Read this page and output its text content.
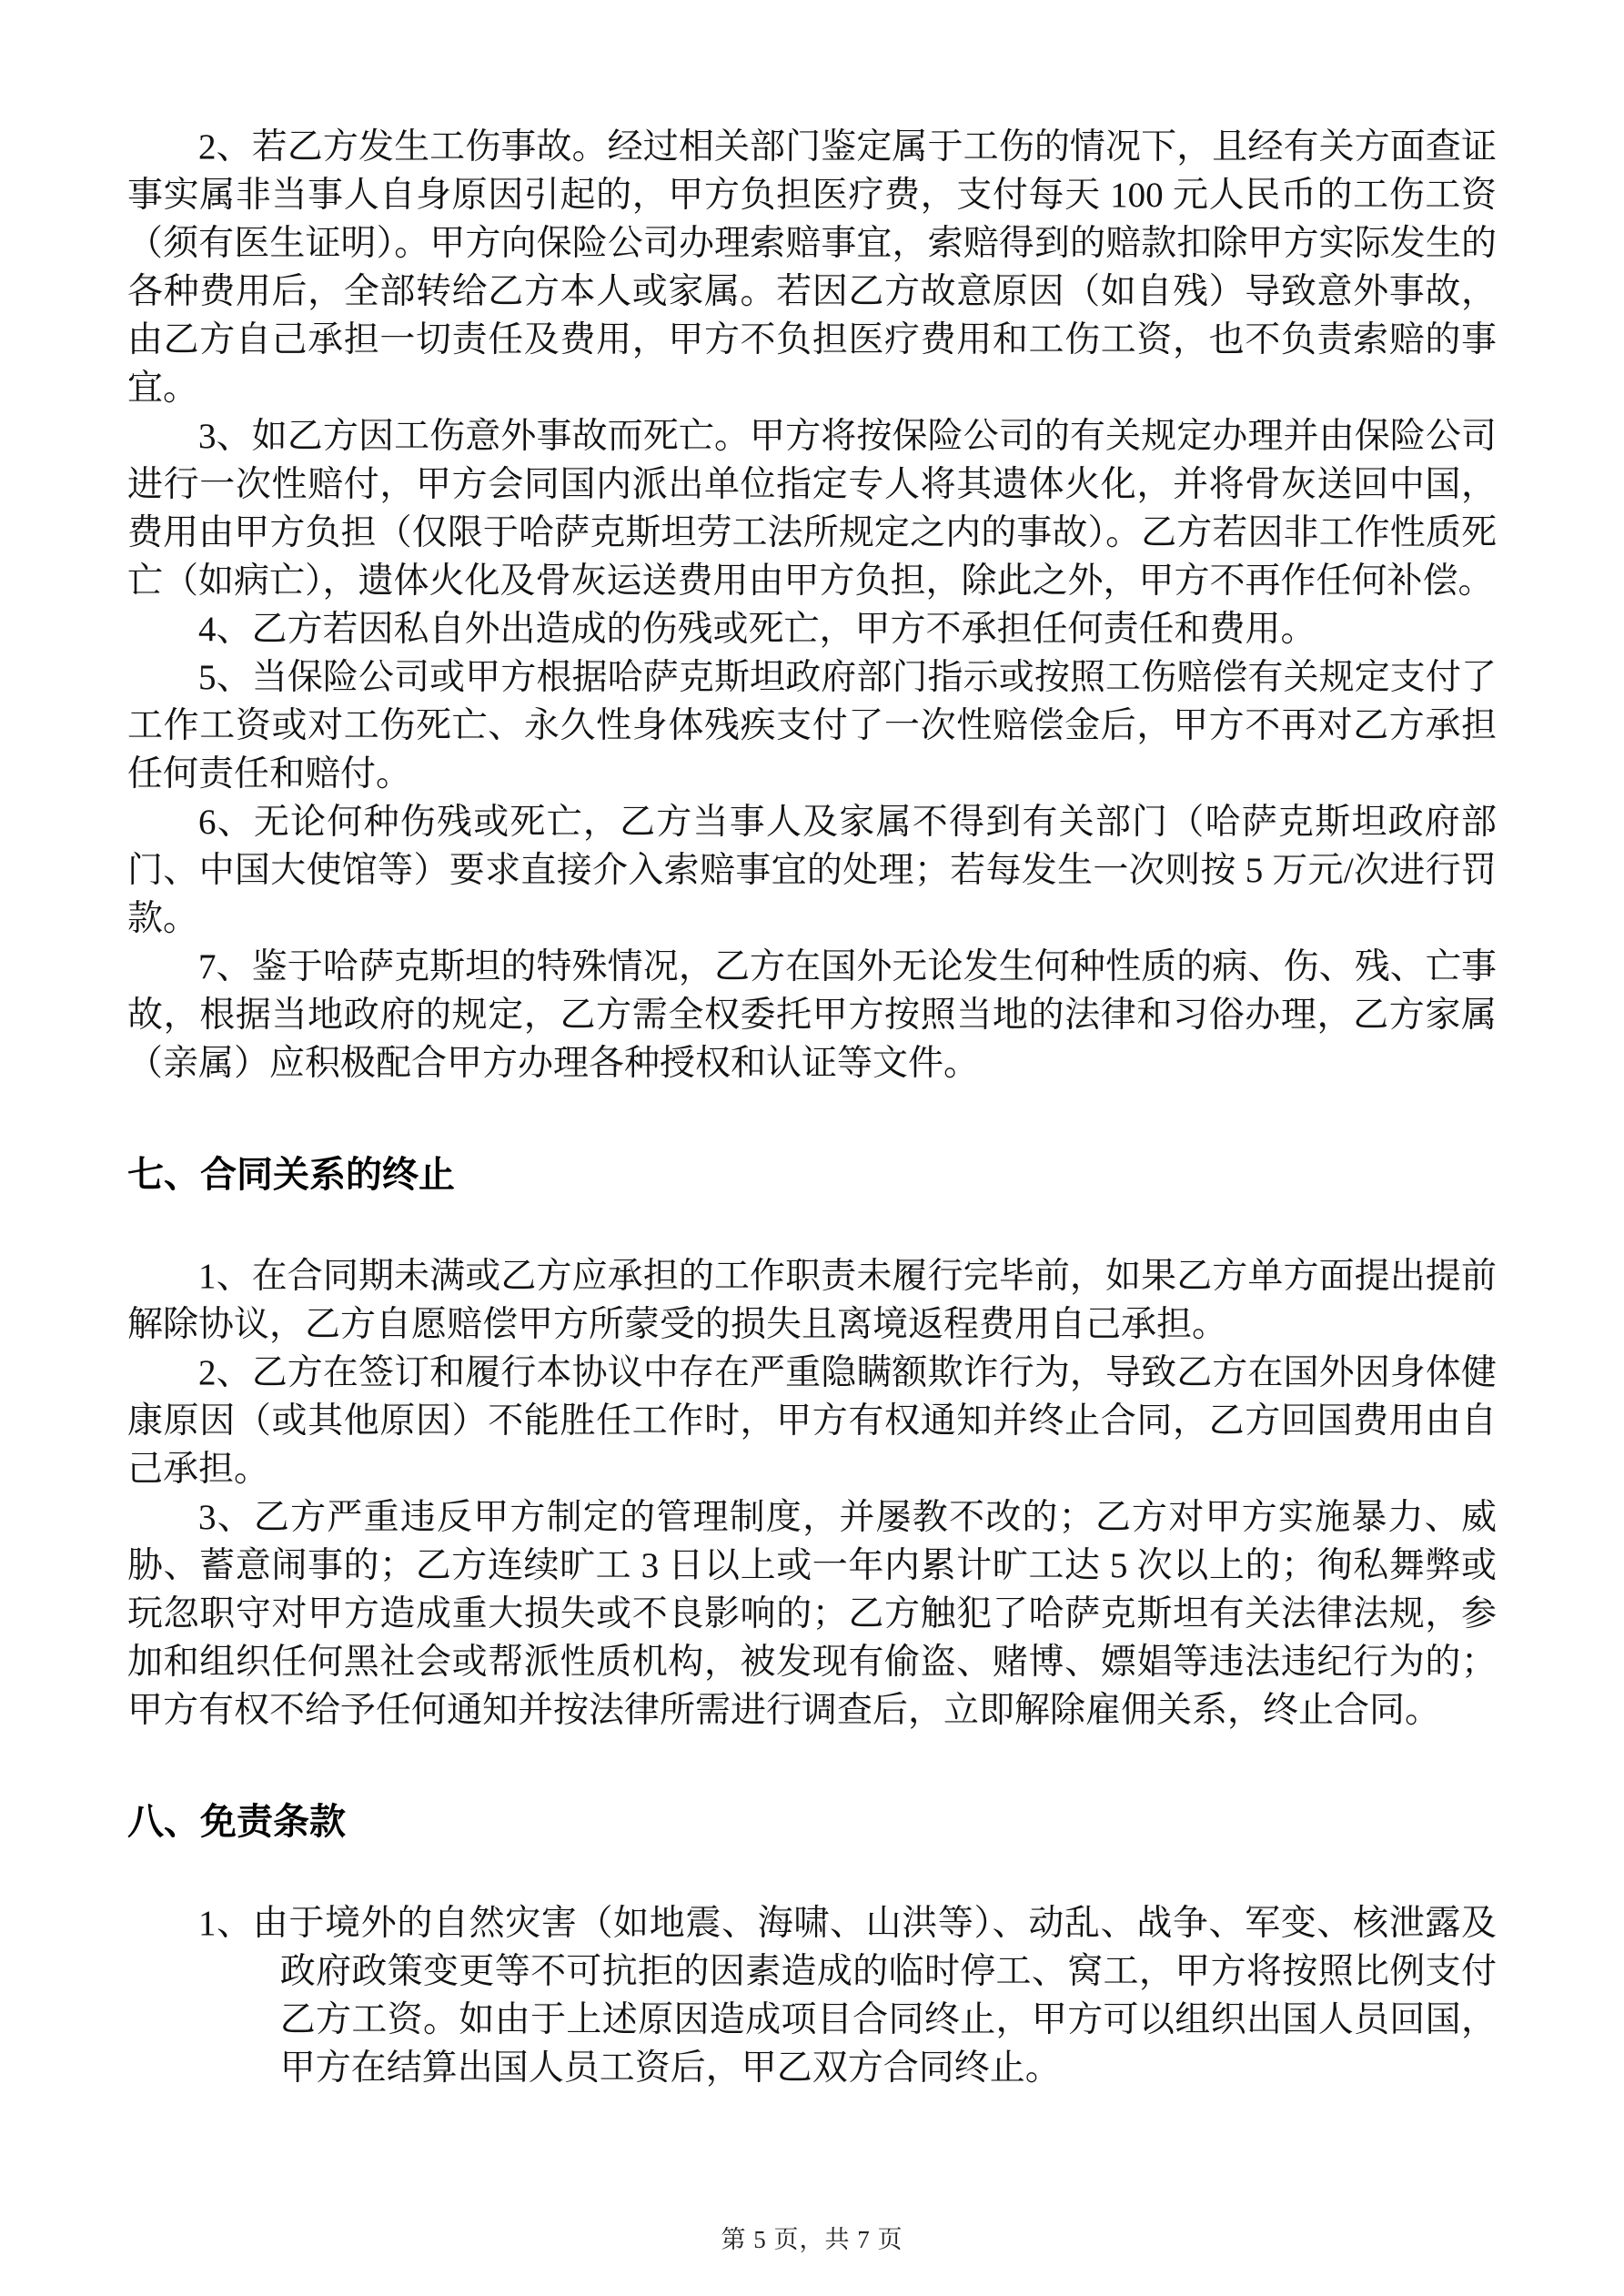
2、若乙方发生工伤事故。经过相关部门鉴定属于工伤的情况下，且经有关方面查证事实属非当事人自身原因引起的，甲方负担医疗费，支付每天 100 元人民币的工伤工资（须有医生证明）。甲方向保险公司办理索赔事宜，索赔得到的赔款扣除甲方实际发生的各种费用后，全部转给乙方本人或家属。若因乙方故意原因（如自残）导致意外事故，由乙方自己承担一切责任及费用，甲方不负担医疗费用和工伤工资，也不负责索赔的事宜。

3、如乙方因工伤意外事故而死亡。甲方将按保险公司的有关规定办理并由保险公司进行一次性赔付，甲方会同国内派出单位指定专人将其遗体火化，并将骨灰送回中国，费用由甲方负担（仅限于哈萨克斯坦劳工法所规定之内的事故）。乙方若因非工作性质死亡（如病亡），遗体火化及骨灰运送费用由甲方负担，除此之外，甲方不再作任何补偿。

4、乙方若因私自外出造成的伤残或死亡，甲方不承担任何责任和费用。

5、当保险公司或甲方根据哈萨克斯坦政府部门指示或按照工伤赔偿有关规定支付了工作工资或对工伤死亡、永久性身体残疾支付了一次性赔偿金后，甲方不再对乙方承担任何责任和赔付。

6、无论何种伤残或死亡，乙方当事人及家属不得到有关部门（哈萨克斯坦政府部门、中国大使馆等）要求直接介入索赔事宜的处理；若每发生一次则按 5 万元/次进行罚款。

7、鉴于哈萨克斯坦的特殊情况，乙方在国外无论发生何种性质的病、伤、残、亡事故，根据当地政府的规定，乙方需全权委托甲方按照当地的法律和习俗办理，乙方家属（亲属）应积极配合甲方办理各种授权和认证等文件。

七、合同关系的终止

1、在合同期未满或乙方应承担的工作职责未履行完毕前，如果乙方单方面提出提前解除协议，乙方自愿赔偿甲方所蒙受的损失且离境返程费用自己承担。

2、乙方在签订和履行本协议中存在严重隐瞒额欺诈行为，导致乙方在国外因身体健康原因（或其他原因）不能胜任工作时，甲方有权通知并终止合同，乙方回国费用由自己承担。

3、乙方严重违反甲方制定的管理制度，并屡教不改的；乙方对甲方实施暴力、威胁、蓄意闹事的；乙方连续旷工 3 日以上或一年内累计旷工达 5 次以上的；徇私舞弊或玩忽职守对甲方造成重大损失或不良影响的；乙方触犯了哈萨克斯坦有关法律法规，参加和组织任何黑社会或帮派性质机构，被发现有偷盗、赌博、嫖娼等违法违纪行为的；甲方有权不给予任何通知并按法律所需进行调查后，立即解除雇佣关系，终止合同。

八、免责条款

1、由于境外的自然灾害（如地震、海啸、山洪等）、动乱、战争、军变、核泄露及政府政策变更等不可抗拒的因素造成的临时停工、窝工，甲方将按照比例支付乙方工资。如由于上述原因造成项目合同终止，甲方可以组织出国人员回国，甲方在结算出国人员工资后，甲乙双方合同终止。

第 5 页，共 7 页
